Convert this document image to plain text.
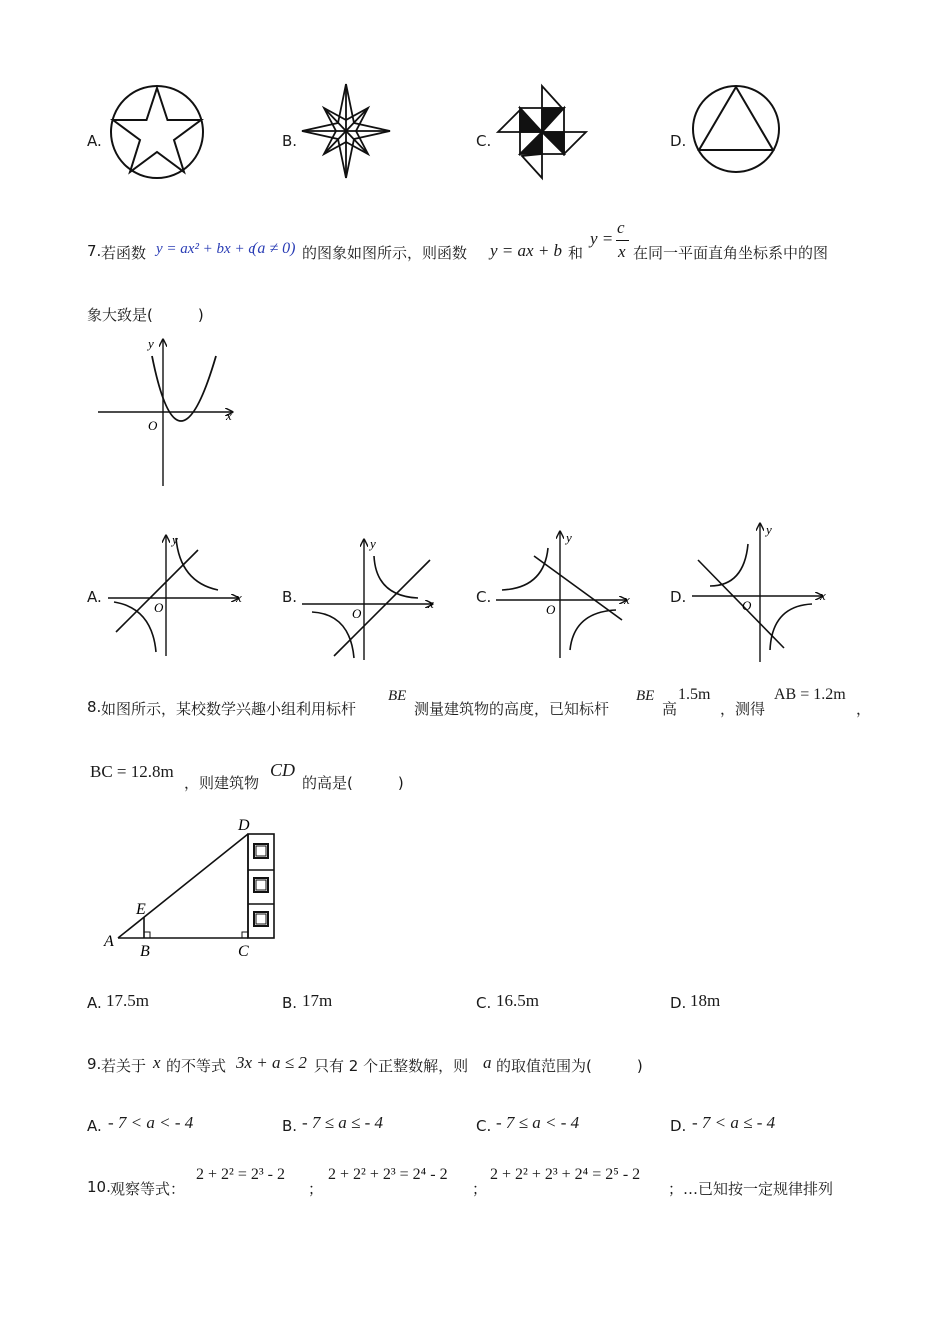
A.	B.	C.	D.
7. 若函数 y = ax² + bx + c
(a ≠ 0) 的图象如图所示，则函数 y = ax + b 和
y =
c
x 在同一平面直角坐标系中的图
象大致是(　　　)
y
x
O
A.
y
x
O
B.
y
x
O
C.
y
x
O
D.
y
x
O
8. 如图所示，某校数学兴趣小组利用标杆
BE
测量建筑物的高度，已知标杆
BE
高
1.5m
，测得
AB = 1.2m
，
BC = 12.8m
，则建筑物
CD
的高是(　　　)
D
E
A
B	C
A. 17.5m	B. 17m	C. 16.5m	D. 18m
9. 若关于 x 的不等式 3x + a ≤ 2 只有 2 个正整数解，则 a 的取值范围为(　　　)
A. - 7 < a < - 4	B. - 7 ≤ a ≤ - 4	C. - 7 ≤ a < - 4	D. - 7 < a ≤ - 4
10. 观察等式：
2 + 2² = 2³ - 2
；
2 + 2² + 2³ = 2⁴ - 2
；
2 + 2² + 2³ + 2⁴ = 2⁵ - 2
；…已知按一定规律排列
